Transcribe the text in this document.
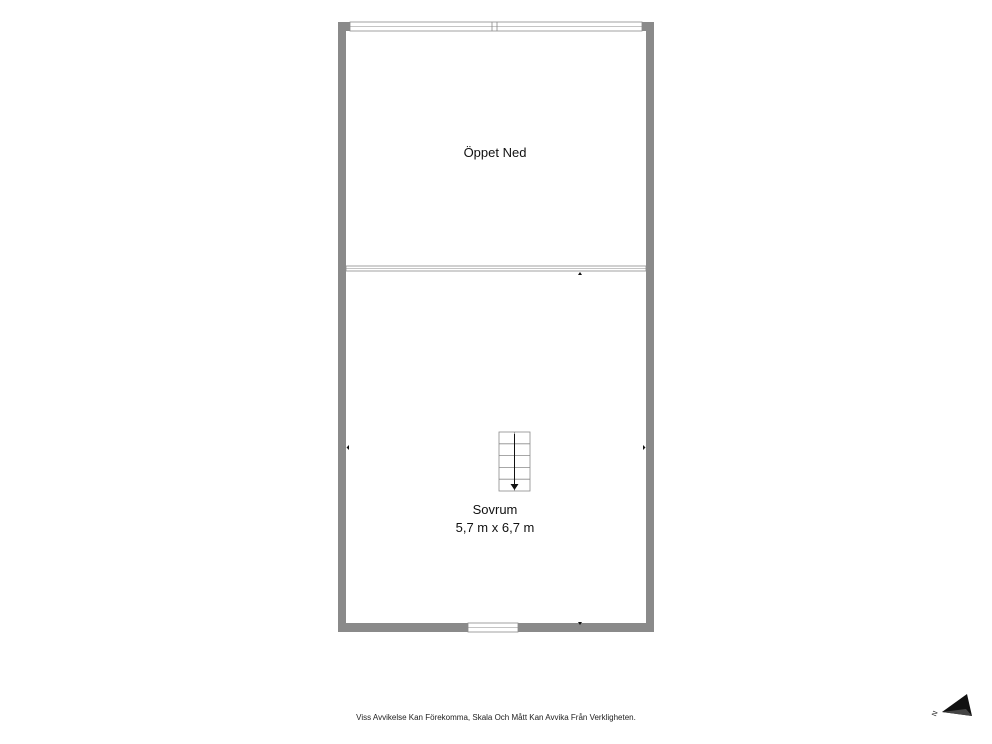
N
Öppet Ned
Sovrum
5,7 m x 6,7 m
Viss Avvikelse Kan Förekomma, Skala Och Mått Kan Avvika Från Verkligheten.
